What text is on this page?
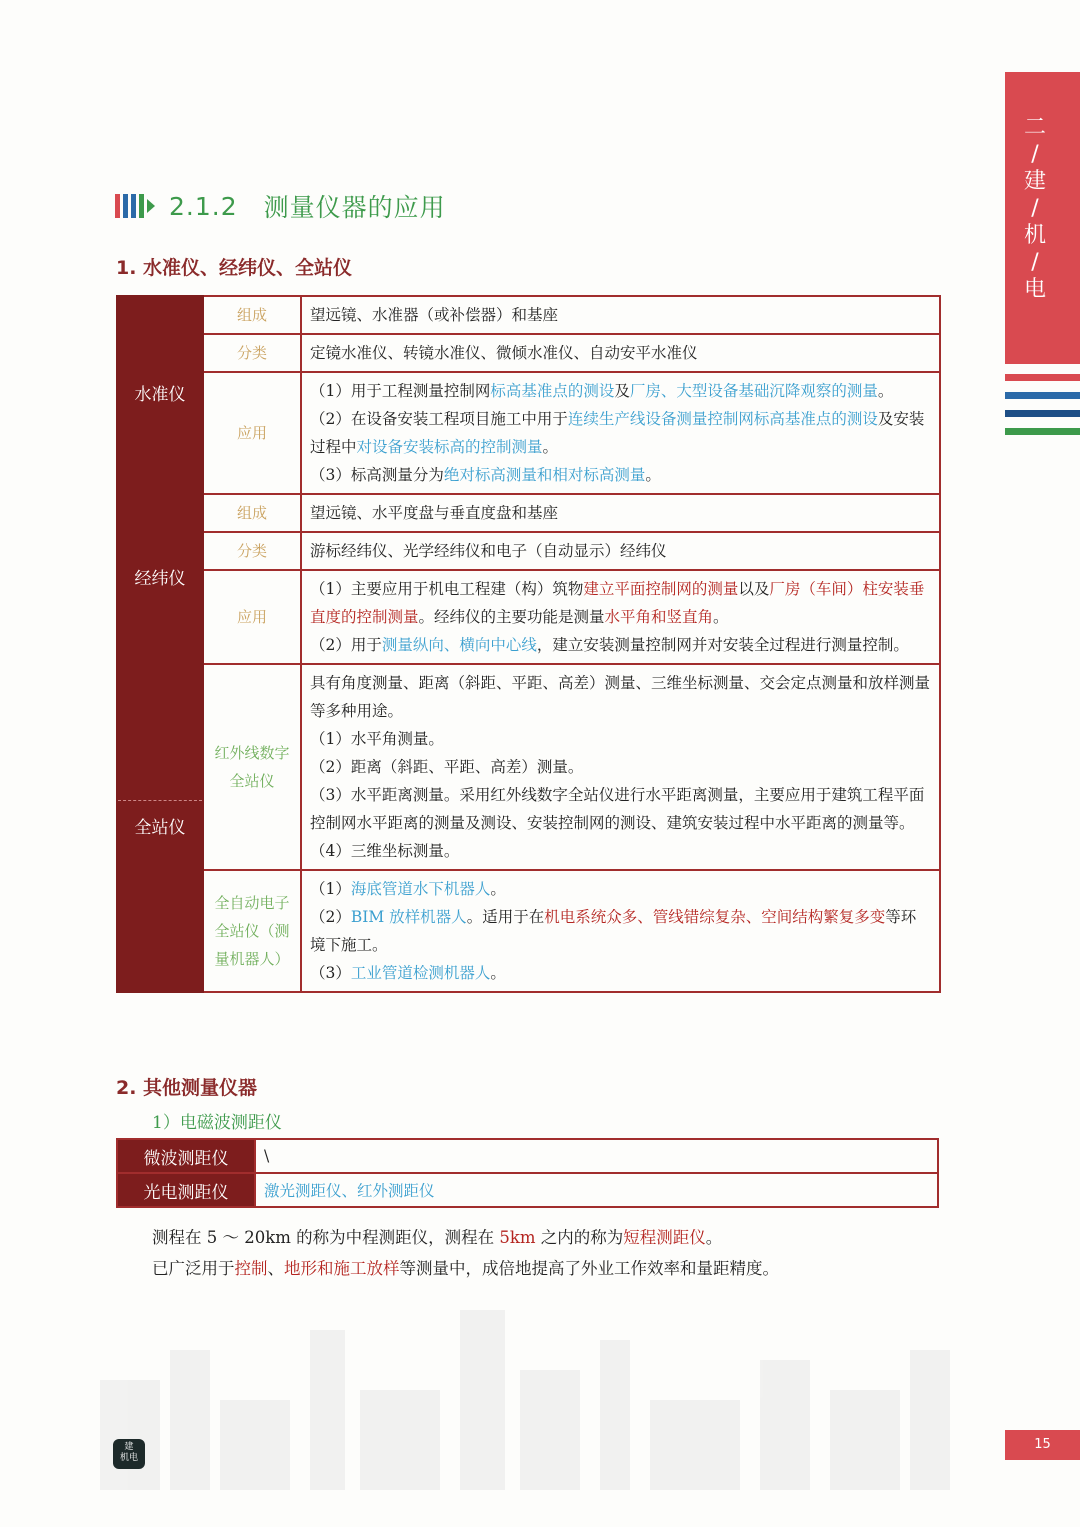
二
/
建
/
机
/
电
2.1.2 测量仪器的应用
1. 水准仪、经纬仪、全站仪
水准仪	组成	望远镜、水准器（或补偿器）和基座
	分类	定镜水准仪、转镜水准仪、微倾水准仪、自动安平水准仪
	应用	（1）用于工程测量控制网标高基准点的测设及厂房、大型设备基础沉降观察的测量。
（2）在设备安装工程项目施工中用于连续生产线设备测量控制网标高基准点的测设及安装过程中对设备安装标高的控制测量。
（3）标高测量分为绝对标高测量和相对标高测量。

经纬仪	组成	望远镜、水平度盘与垂直度盘和基座
	分类	游标经纬仪、光学经纬仪和电子（自动显示）经纬仪
	应用	（1）主要应用于机电工程建（构）筑物建立平面控制网的测量以及厂房（车间）柱安装垂直度的控制测量。经纬仪的主要功能是测量水平角和竖直角。
（2）用于测量纵向、横向中心线，建立安装测量控制网并对安装全过程进行测量控制。

全站仪	红外线数字全站仪	具有角度测量、距离（斜距、平距、高差）测量、三维坐标测量、交会定点测量和放样测量等多种用途。
（1）水平角测量。
（2）距离（斜距、平距、高差）测量。
（3）水平距离测量。采用红外线数字全站仪进行水平距离测量，主要应用于建筑工程平面控制网水平距离的测量及测设、安装控制网的测设、建筑安装过程中水平距离的测量等。
（4）三维坐标测量。

	全自动电子全站仪（测量机器人）	（1）海底管道水下机器人。
（2）BIM 放样机器人。适用于在机电系统众多、管线错综复杂、空间结构繁复多变等环境下施工。
（3）工业管道检测机器人。
2. 其他测量仪器
1）电磁波测距仪
微波测距仪	\
光电测距仪	激光测距仪、红外测距仪
测程在 5 ～ 20km 的称为中程测距仪，测程在 5km 之内的称为短程测距仪。
已广泛用于控制、地形和施工放样等测量中，成倍地提高了外业工作效率和量距精度。
建
机电
15
